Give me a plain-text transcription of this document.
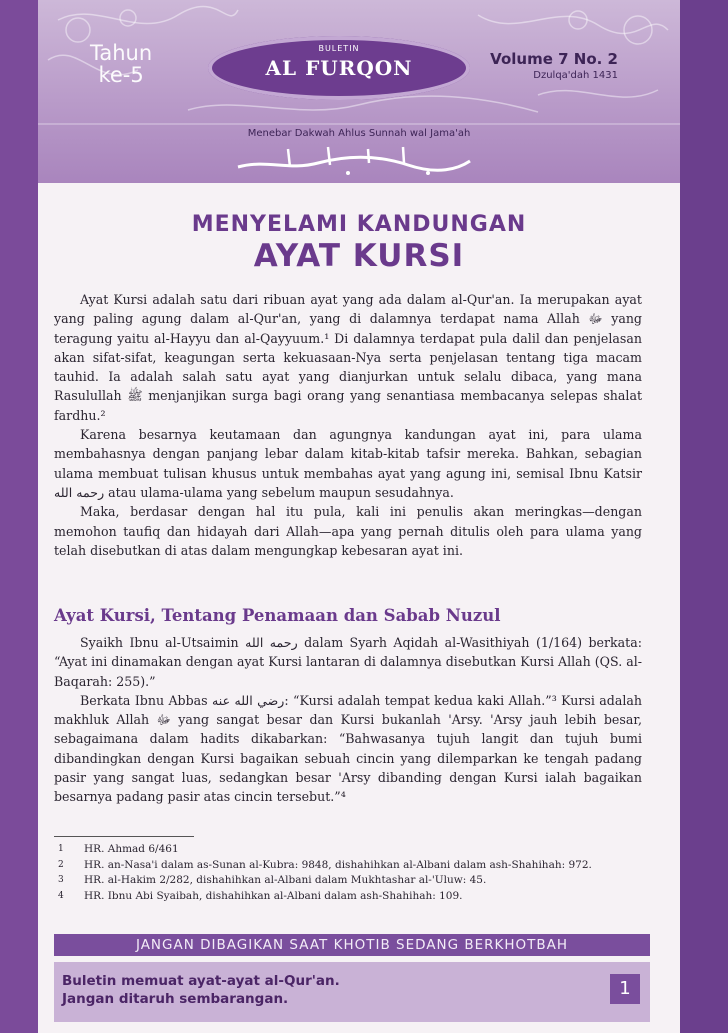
Tahun
ke-5
BULETIN
AL FURQON	Volume 7 No. 2
Dzulqa'dah 1431
Menebar Dakwah Ahlus Sunnah wal Jama'ah
MENYELAMI KANDUNGAN
AYAT KURSI

Ayat Kursi adalah satu dari ribuan ayat yang ada dalam al-Qur'an. Ia merupakan ayat yang paling agung dalam al-Qur'an, yang di dalamnya terdapat nama Allah ﷻ yang teragung yaitu al-Hayyu dan al-Qayyuum.¹ Di dalamnya terdapat pula dalil dan penjelasan akan sifat-sifat, keagungan serta kekuasaan-Nya serta penjelasan tentang tiga macam tauhid. Ia adalah salah satu ayat yang dianjurkan untuk selalu dibaca, yang mana Rasulullah ﷺ menjanjikan surga bagi orang yang senantiasa membacanya selepas shalat fardhu.²

Karena besarnya keutamaan dan agungnya kandungan ayat ini, para ulama membahasnya dengan panjang lebar dalam kitab-kitab tafsir mereka. Bahkan, sebagian ulama membuat tulisan khusus untuk membahas ayat yang agung ini, semisal Ibnu Katsir رحمه الله atau ulama-ulama yang sebelum maupun sesudahnya.

Maka, berdasar dengan hal itu pula, kali ini penulis akan meringkas—dengan memohon taufiq dan hidayah dari Allah—apa yang pernah ditulis oleh para ulama yang telah disebutkan di atas dalam mengungkap kebesaran ayat ini.

Ayat Kursi, Tentang Penamaan dan Sabab Nuzul

Syaikh Ibnu al-Utsaimin رحمه الله dalam Syarh Aqidah al-Wasithiyah (1/164) berkata: “Ayat ini dinamakan dengan ayat Kursi lantaran di dalamnya disebutkan Kursi Allah (QS. al-Baqarah: 255).”

Berkata Ibnu Abbas رضي الله عنه: “Kursi adalah tempat kedua kaki Allah.”³ Kursi adalah makhluk Allah ﷻ yang sangat besar dan Kursi bukanlah 'Arsy. 'Arsy jauh lebih besar, sebagaimana dalam hadits dikabarkan: “Bahwasanya tujuh langit dan tujuh bumi dibandingkan dengan Kursi bagaikan sebuah cincin yang dilemparkan ke tengah padang pasir yang sangat luas, sedangkan besar 'Arsy dibanding dengan Kursi ialah bagaikan besarnya padang pasir atas cincin tersebut.”⁴

1	HR. Ahmad 6/461
2	HR. an-Nasa'i dalam as-Sunan al-Kubra: 9848, dishahihkan al-Albani dalam ash-Shahihah: 972.
3	HR. al-Hakim 2/282, dishahihkan al-Albani dalam Mukhtashar al-'Uluw: 45.
4	HR. Ibnu Abi Syaibah, dishahihkan al-Albani dalam ash-Shahihah: 109.
JANGAN DIBAGIKAN SAAT KHOTIB SEDANG BERKHOTBAH
Buletin memuat ayat-ayat al-Qur'an.
Jangan ditaruh sembarangan.	1
